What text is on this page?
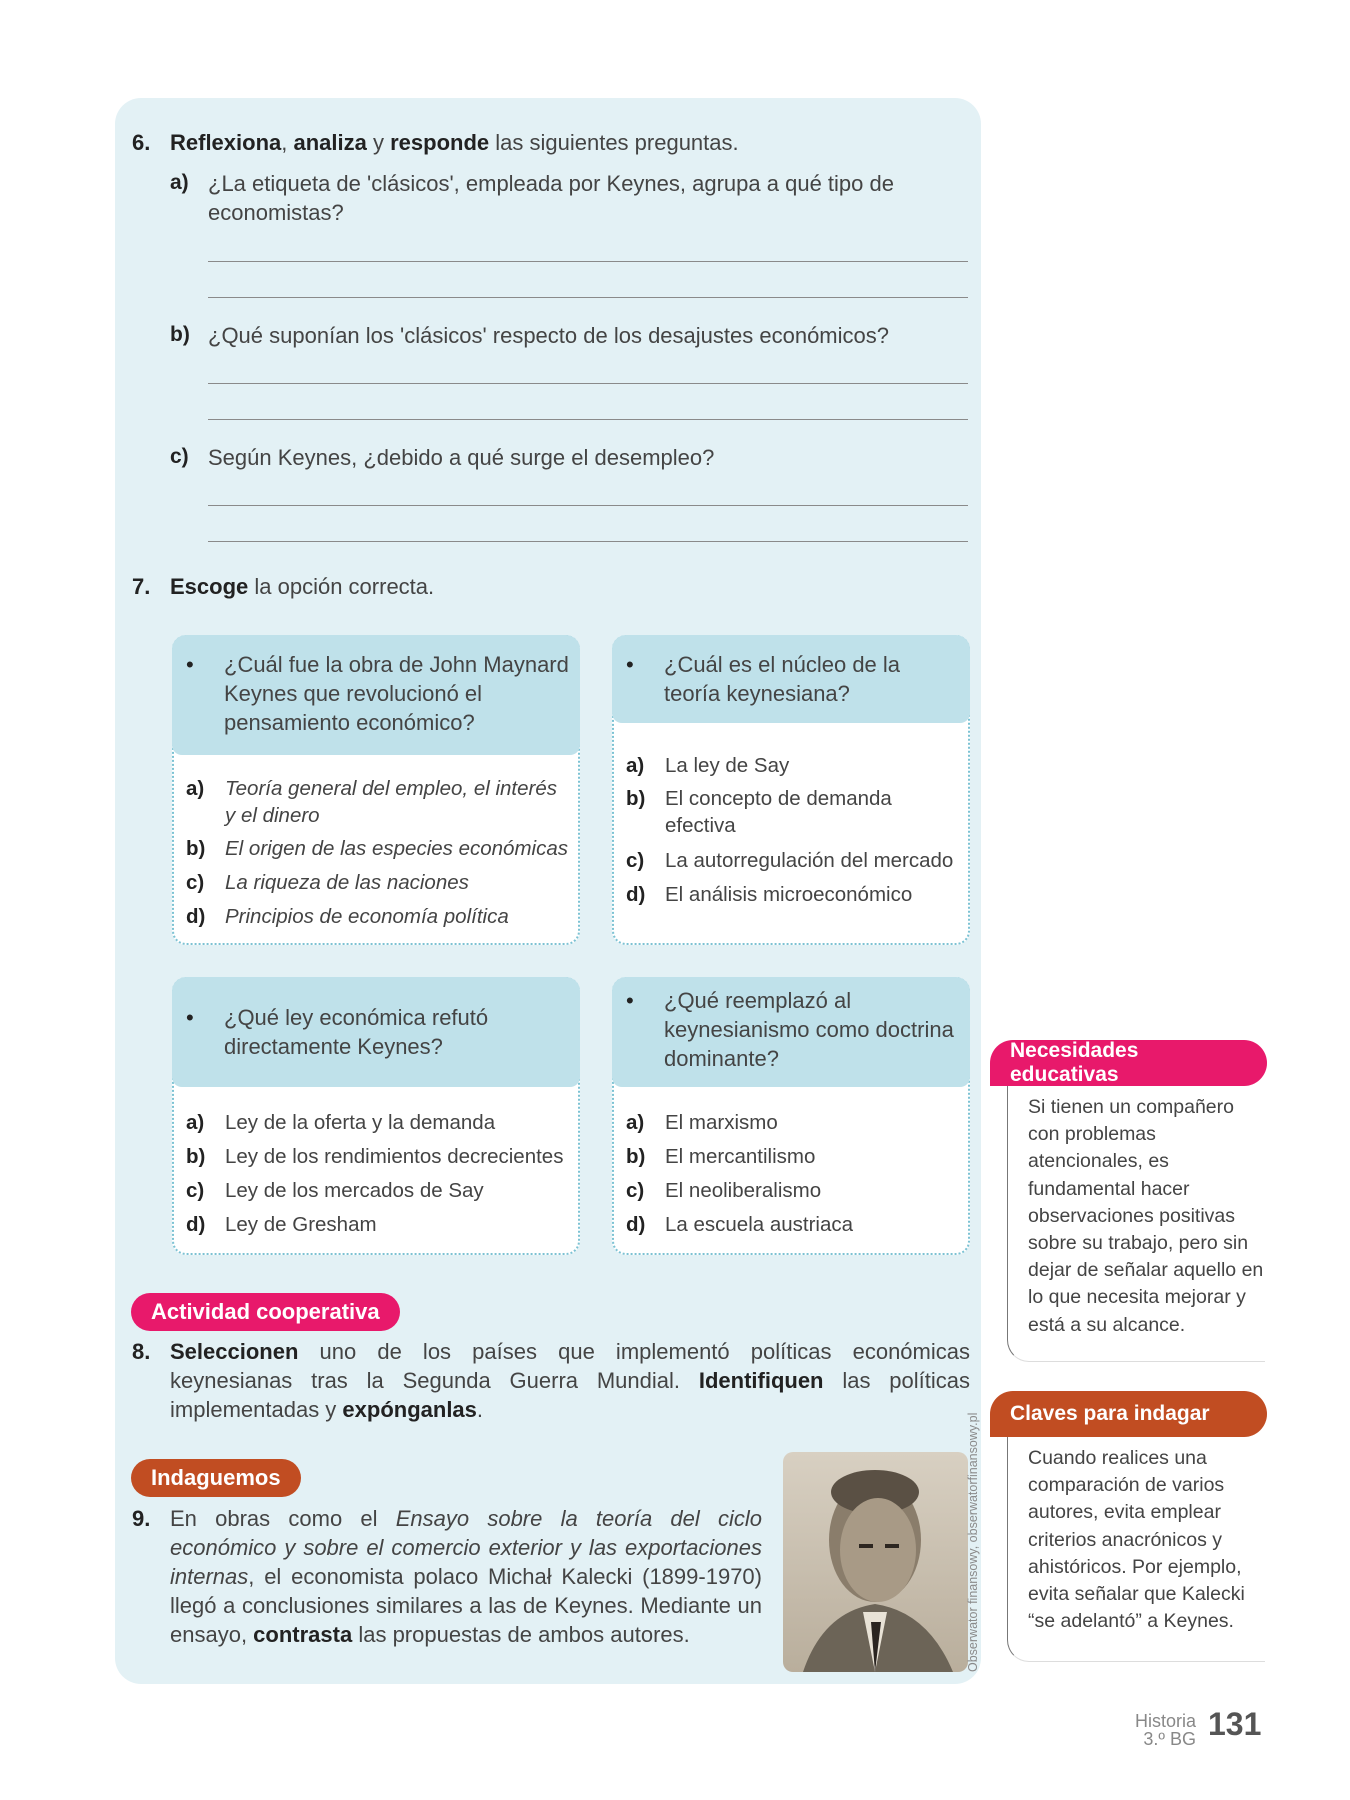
6. Reflexiona, analiza y responde las siguientes preguntas.
a) ¿La etiqueta de 'clásicos', empleada por Keynes, agrupa a qué tipo de economistas?
b) ¿Qué suponían los 'clásicos' respecto de los desajustes económicos?
c) Según Keynes, ¿debido a qué surge el desempleo?
7. Escoge la opción correcta.
• ¿Cuál fue la obra de John Maynard Keynes que revolucionó el pensamiento económico?
a) Teoría general del empleo, el interés y el dinero
b) El origen de las especies económicas
c) La riqueza de las naciones
d) Principios de economía política
• ¿Cuál es el núcleo de la teoría keynesiana?
a) La ley de Say
b) El concepto de demanda efectiva
c) La autorregulación del mercado
d) El análisis microeconómico
• ¿Qué ley económica refutó directamente Keynes?
a) Ley de la oferta y la demanda
b) Ley de los rendimientos decrecientes
c) Ley de los mercados de Say
d) Ley de Gresham
• ¿Qué reemplazó al keynesianismo como doctrina dominante?
a) El marxismo
b) El mercantilismo
c) El neoliberalismo
d) La escuela austriaca
Actividad cooperativa
8. Seleccionen uno de los países que implementó políticas económicas keynesianas tras la Segunda Guerra Mundial. Identifiquen las políticas implementadas y expónganlas.
Indaguemos
9. En obras como el Ensayo sobre la teoría del ciclo económico y sobre el comercio exterior y las exportaciones internas, el economista polaco Michał Kalecki (1899-1970) llegó a conclusiones similares a las de Keynes. Mediante un ensayo, contrasta las propuestas de ambos autores.	Obserwator finansowy, obserwatorfinansowy.pl
Necesidades educativas
Si tienen un compañero con problemas atencionales, es fundamental hacer observaciones positivas sobre su trabajo, pero sin dejar de señalar aquello en lo que necesita mejorar y está a su alcance.
Claves para indagar
Cuando realices una comparación de varios autores, evita emplear criterios anacrónicos y ahistóricos. Por ejemplo, evita señalar que Kalecki “se adelantó” a Keynes.
Historia
3.º BG 131
